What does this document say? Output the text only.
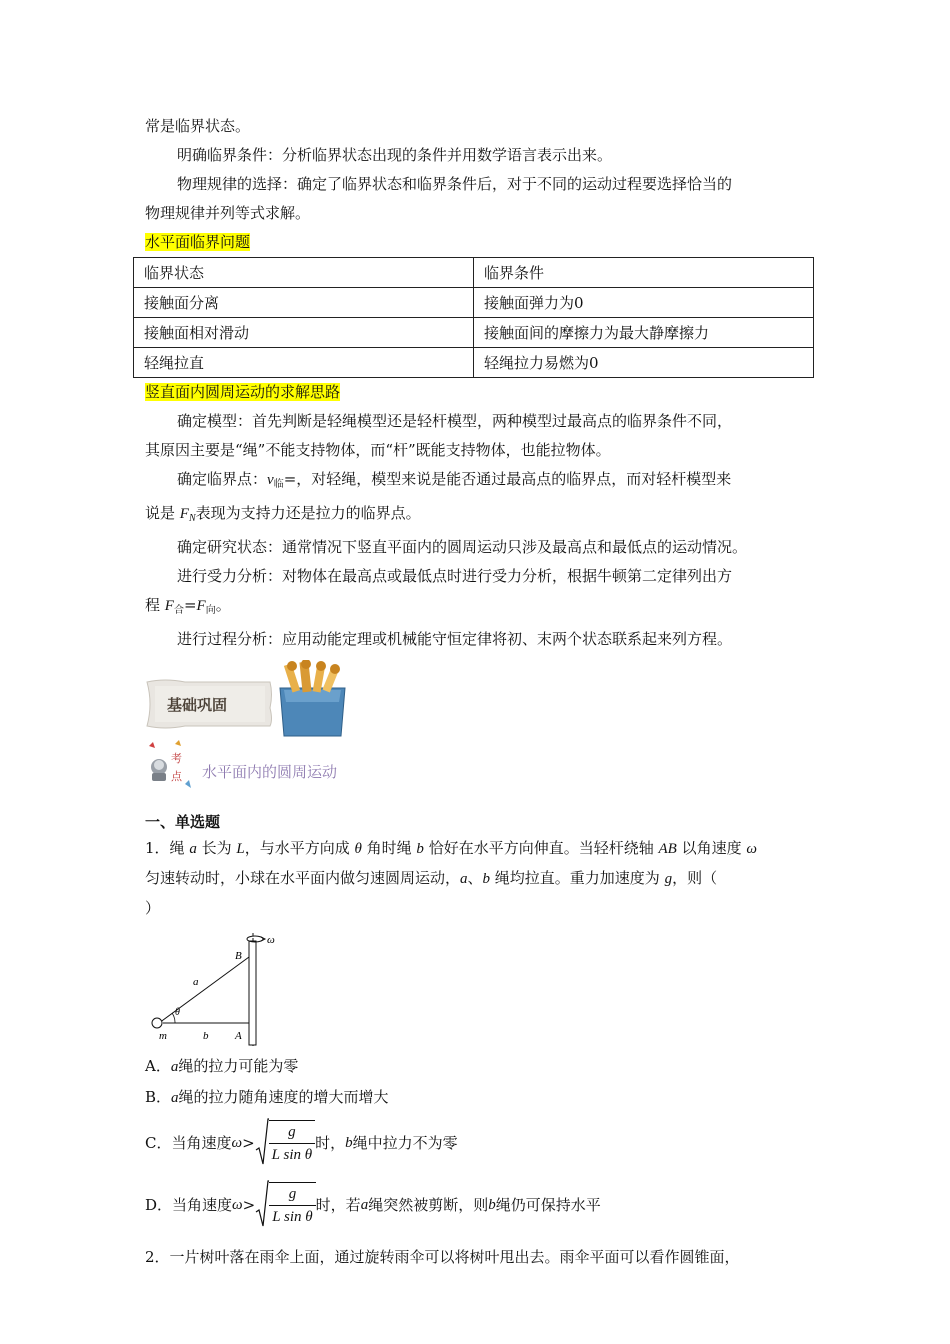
常是临界状态。

明确临界条件：分析临界状态出现的条件并用数学语言表示出来。

物理规律的选择：确定了临界状态和临界条件后，对于不同的运动过程要选择恰当的

物理规律并列等式求解。

水平面临界问题

临界状态	临界条件
接触面分离	接触面弹力为0
接触面相对滑动	接触面间的摩擦力为最大静摩擦力
轻绳拉直	轻绳拉力易燃为0

竖直面内圆周运动的求解思路

确定模型：首先判断是轻绳模型还是轻杆模型，两种模型过最高点的临界条件不同，

其原因主要是“绳”不能支持物体，而“杆”既能支持物体，也能拉物体。

确定临界点：$v_临=$，对轻绳，模型来说是能否通过最高点的临界点，而对轻杆模型来

说是 $F_N$表现为支持力还是拉力的临界点。

确定研究状态：通常情况下竖直平面内的圆周运动只涉及最高点和最低点的运动情况。

进行受力分析：对物体在最高点或最低点时进行受力分析，根据牛顿第二定律列出方

程 $F_合=F_向$。

进行过程分析：应用动能定理或机械能守恒定律将初、末两个状态联系起来列方程。

基础巩固
考
点 水平面内的圆周运动

一、单选题

1．绳 a 长为 L，与水平方向成 θ 角时绳 b 恰好在水平方向伸直。当轻杆绕轴 AB 以角速度 ω

匀速转动时，小球在水平面内做匀速圆周运动，a、b 绳均拉直。重力加速度为 g，则（

）

ω
B
a
θ
m	b A

A．a绳的拉力可能为零

B．a绳的拉力随角速度的增大而增大

C． 当角速度 $\omega > \frac{g}{\text{L sin θ}}$ 时， b 绳中拉力不为零
D． 当角速度 $\omega > \frac{g}{\text{L sin θ}}$ 时，若 a 绳突然被剪断，则 b 绳仍可保持水平

2．一片树叶落在雨伞上面，通过旋转雨伞可以将树叶甩出去。雨伞平面可以看作圆锥面，
